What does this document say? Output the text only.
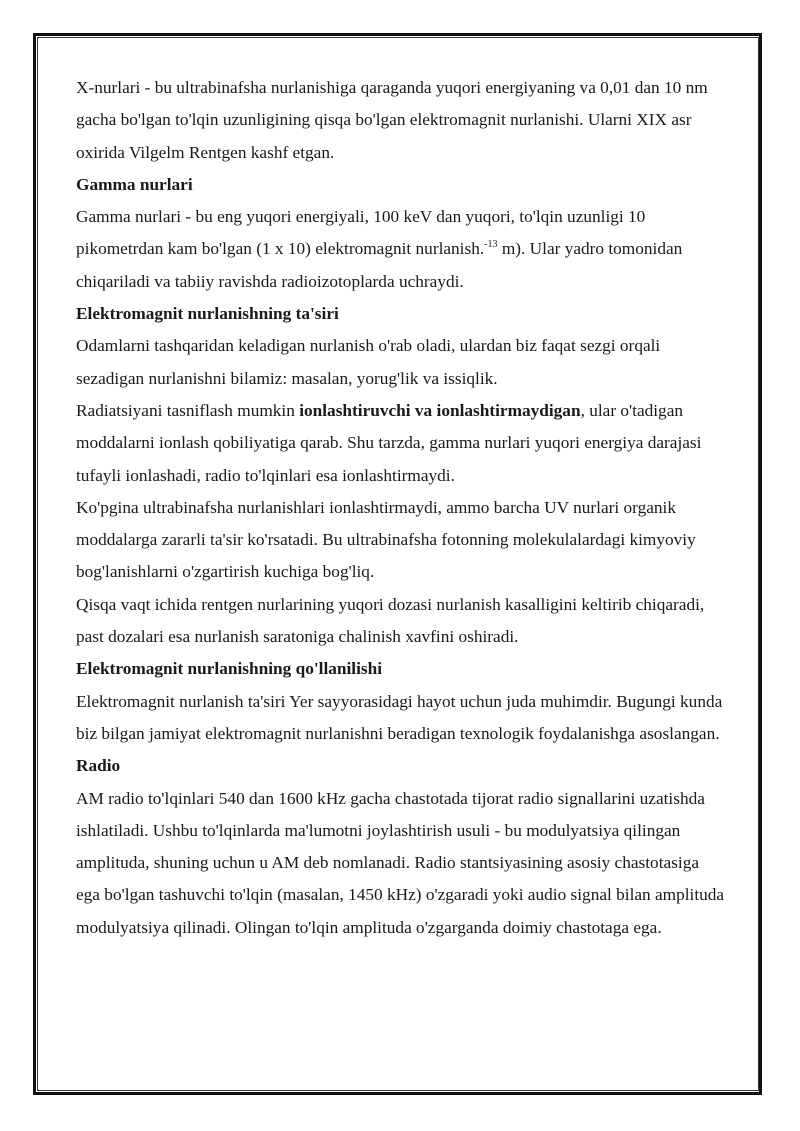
X-nurlari - bu ultrabinafsha nurlanishiga qaraganda yuqori energiyaning va 0,01 dan 10 nm gacha bo'lgan to'lqin uzunligining qisqa bo'lgan elektromagnit nurlanishi. Ularni XIX asr oxirida Vilgelm Rentgen kashf etgan.

Gamma nurlari

Gamma nurlari - bu eng yuqori energiyali, 100 keV dan yuqori, to'lqin uzunligi 10 pikometrdan kam bo'lgan (1 x 10) elektromagnit nurlanish.$^{-13}$ m). Ular yadro tomonidan chiqariladi va tabiiy ravishda radioizotoplarda uchraydi.

Elektromagnit nurlanishning ta'siri

Odamlarni tashqaridan keladigan nurlanish o'rab oladi, ulardan biz faqat sezgi orqali sezadigan nurlanishni bilamiz: masalan, yorug'lik va issiqlik.

Radiatsiyani tasniflash mumkin ionlashtiruvchi va ionlashtirmaydigan, ular o'tadigan moddalarni ionlash qobiliyatiga qarab. Shu tarzda, gamma nurlari yuqori energiya darajasi tufayli ionlashadi, radio to'lqinlari esa ionlashtirmaydi.

Ko'pgina ultrabinafsha nurlanishlari ionlashtirmaydi, ammo barcha UV nurlari organik moddalarga zararli ta'sir ko'rsatadi. Bu ultrabinafsha fotonning molekulalardagi kimyoviy bog'lanishlarni o'zgartirish kuchiga bog'liq.

Qisqa vaqt ichida rentgen nurlarining yuqori dozasi nurlanish kasalligini keltirib chiqaradi, past dozalari esa nurlanish saratoniga chalinish xavfini oshiradi.

Elektromagnit nurlanishning qo'llanilishi

Elektromagnit nurlanish ta'siri Yer sayyorasidagi hayot uchun juda muhimdir. Bugungi kunda biz bilgan jamiyat elektromagnit nurlanishni beradigan texnologik foydalanishga asoslangan.

Radio

AM radio to'lqinlari 540 dan 1600 kHz gacha chastotada tijorat radio signallarini uzatishda ishlatiladi. Ushbu to'lqinlarda ma'lumotni joylashtirish usuli - bu modulyatsiya qilingan amplituda, shuning uchun u AM deb nomlanadi. Radio stantsiyasining asosiy chastotasiga ega bo'lgan tashuvchi to'lqin (masalan, 1450 kHz) o'zgaradi yoki audio signal bilan amplituda modulyatsiya qilinadi. Olingan to'lqin amplituda o'zgarganda doimiy chastotaga ega.
